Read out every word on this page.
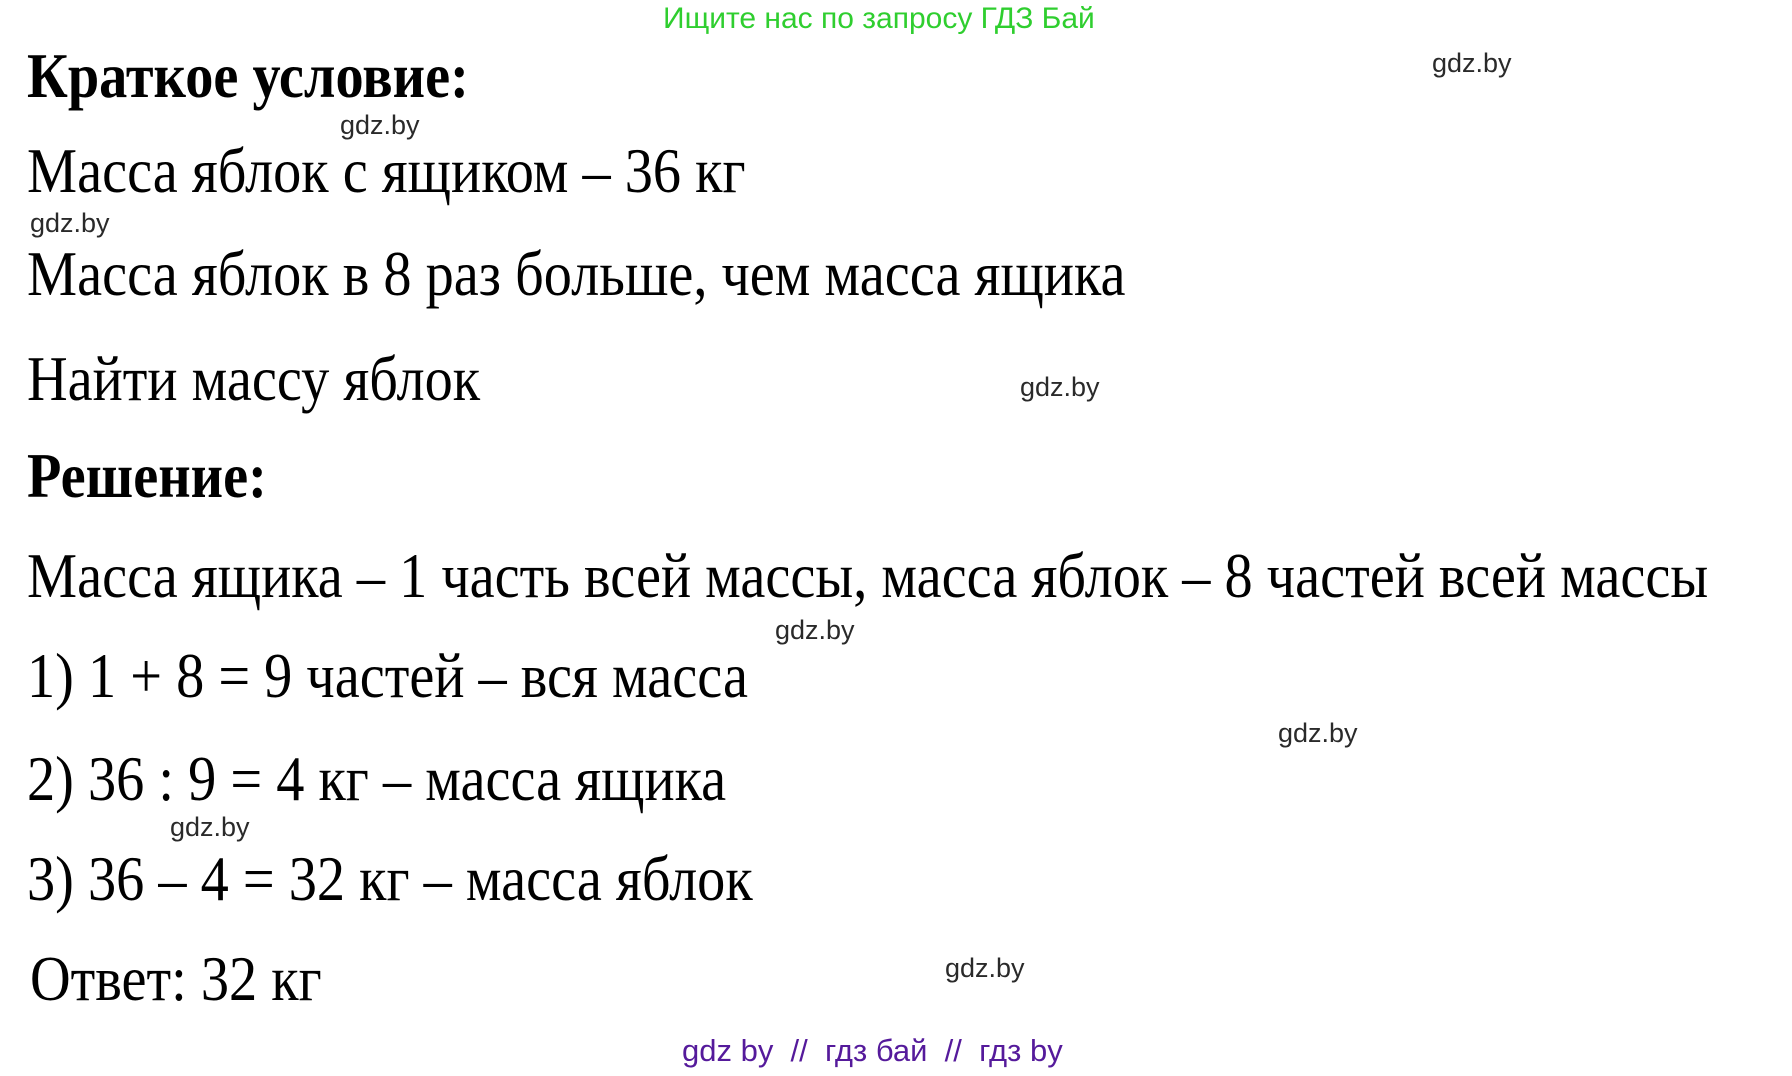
Ищите нас по запросу ГДЗ Бай
gdz.by
gdz.by
gdz.by
gdz.by
gdz.by
gdz.by
gdz.by
gdz.by
Краткое условие:
Масса яблок с ящиком – 36 кг
Масса яблок в 8 раз больше, чем масса ящика
Найти массу яблок
Решение:
Масса ящика – 1 часть всей массы, масса яблок – 8 частей всей массы
1) 1 + 8 = 9 частей – вся масса
2) 36 : 9 = 4 кг – масса ящика
3) 36 – 4 = 32 кг – масса яблок
Ответ: 32 кг
gdz by  //  гдз бай  //  гдз by
